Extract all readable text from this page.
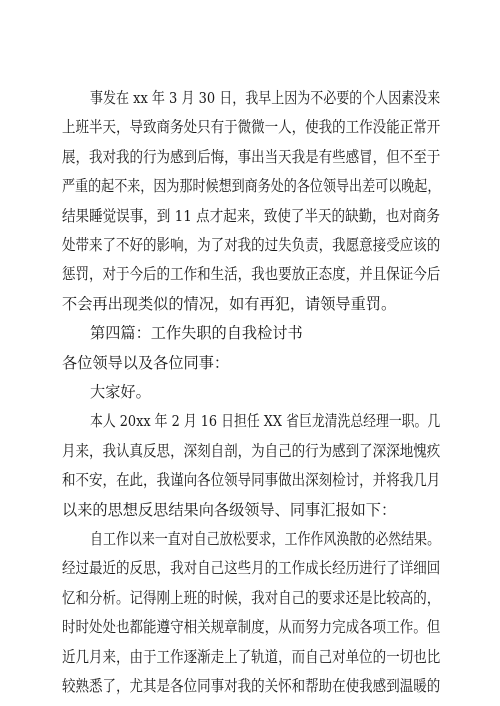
事发在 xx 年 3 月 30 日，我早上因为不必要的个人因素没来
上班半天，导致商务处只有于微微一人，使我的工作没能正常开
展，我对我的行为感到后悔，事出当天我是有些感冒，但不至于
严重的起不来，因为那时候想到商务处的各位领导出差可以晚起，
结果睡觉误事，到 11 点才起来，致使了半天的缺勤，也对商务
处带来了不好的影响，为了对我的过失负责，我愿意接受应该的
惩罚，对于今后的工作和生活，我也要放正态度，并且保证今后
不会再出现类似的情况，如有再犯，请领导重罚。
第四篇：工作失职的自我检讨书
各位领导以及各位同事：
大家好。
本人 20xx 年 2 月 16 日担任 XX 省巨龙清洗总经理一职。几
月来，我认真反思，深刻自剖，为自己的行为感到了深深地愧疚
和不安，在此，我谨向各位领导同事做出深刻检讨，并将我几月
以来的思想反思结果向各级领导、同事汇报如下：
自工作以来一直对自己放松要求，工作作风涣散的必然结果。
经过最近的反思，我对自己这些月的工作成长经历进行了详细回
忆和分析。记得刚上班的时候，我对自己的要求还是比较高的，
时时处处也都能遵守相关规章制度，从而努力完成各项工作。但
近几月来，由于工作逐渐走上了轨道，而自己对单位的一切也比
较熟悉了，尤其是各位同事对我的关怀和帮助在使我感到温暖的
